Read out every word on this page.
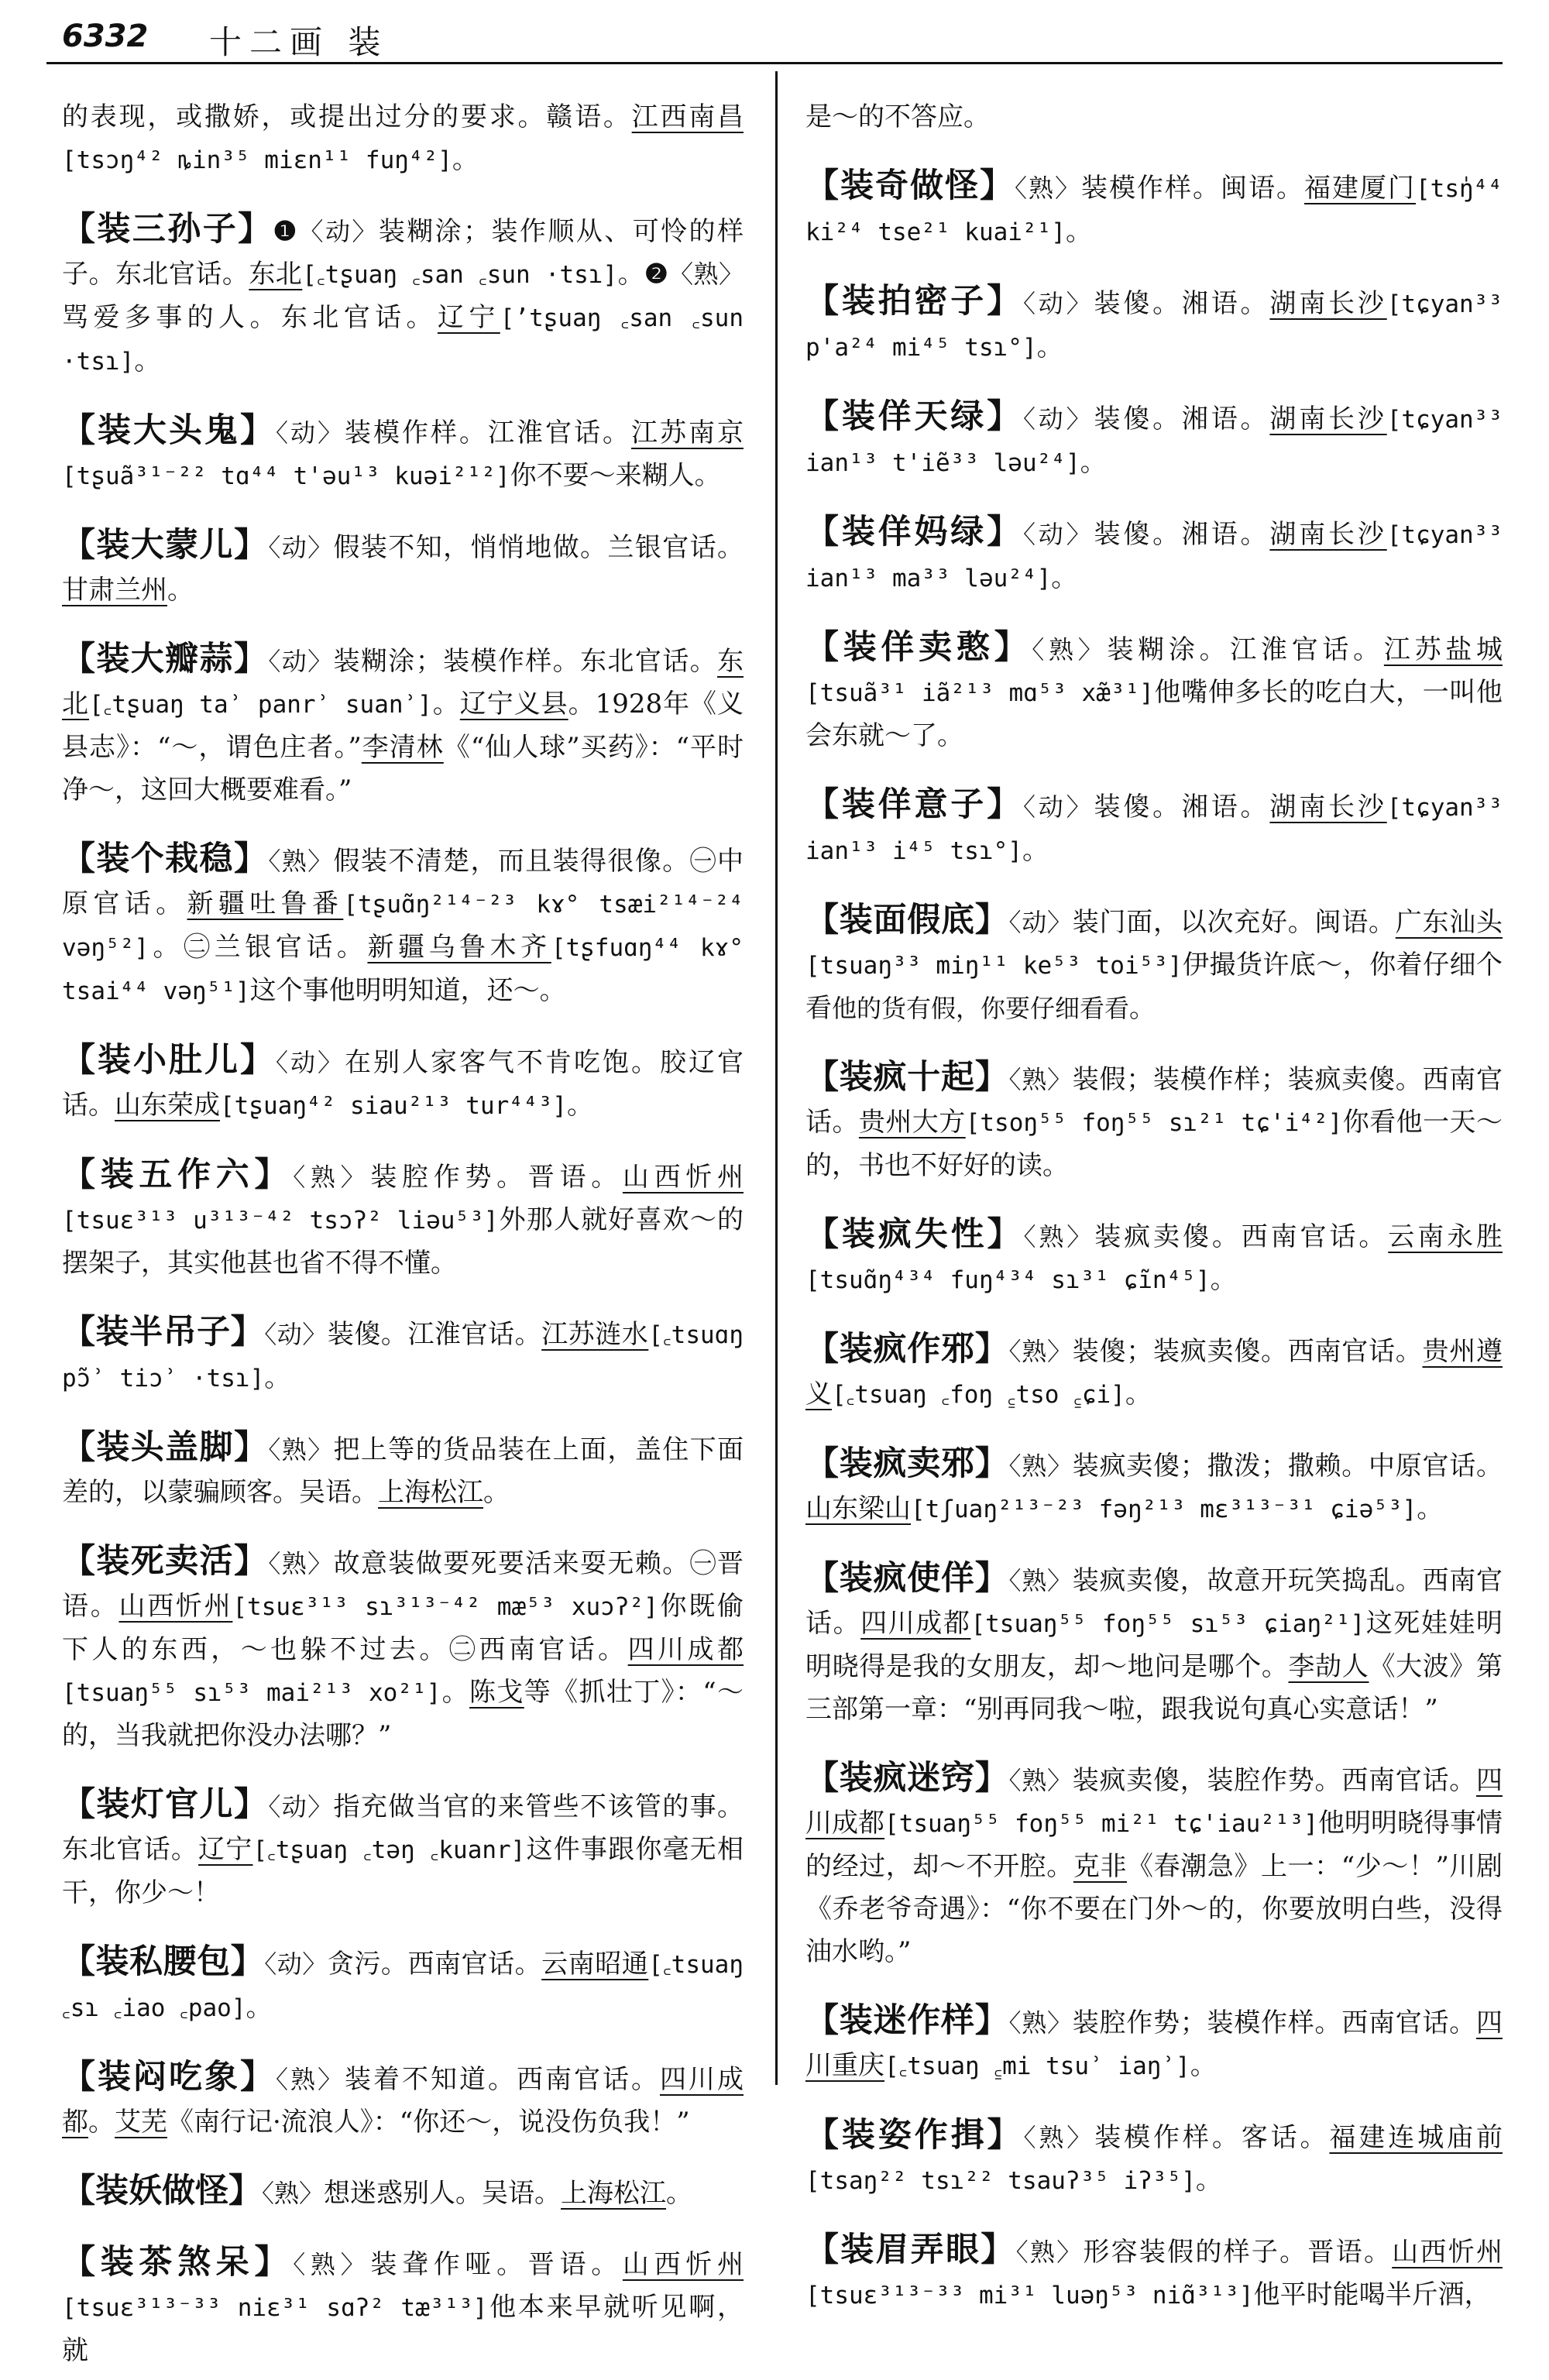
6332 十二画 装

的表现，或撒娇，或提出过分的要求。赣语。江西南昌[tsɔŋ⁴² ȵin³⁵ miɛn¹¹ fuŋ⁴²]。

【装三孙子】❶〈动〉装糊涂；装作顺从、可怜的样子。东北官话。东北[꜀tʂuaŋ ꜀san ꜀sun ·tsɿ]。❷〈熟〉骂爱多事的人。东北官话。辽宁[ʼtʂuaŋ ꜀san ꜀sun ·tsɿ]。

【装大头鬼】〈动〉装模作样。江淮官话。江苏南京[tʂuã³¹⁻²² tɑ⁴⁴ t'əu¹³ kuəi²¹²]你不要～来糊人。

【装大蒙儿】〈动〉假装不知，悄悄地做。兰银官话。甘肃兰州。

【装大瓣蒜】〈动〉装糊涂；装模作样。东北官话。东北[꜀tʂuaŋ taʾ panrʾ suanʾ]。辽宁义县。1928年《义县志》：“～，谓色庄者。”李清林《“仙人球”买药》：“平时净～，这回大概要难看。”

【装个栽稳】〈熟〉假装不清楚，而且装得很像。㊀中原官话。新疆吐鲁番[tʂuɑ̃ŋ²¹⁴⁻²³ kɤ° tsæi²¹⁴⁻²⁴ vəŋ⁵²]。㊁兰银官话。新疆乌鲁木齐[tʂfuɑŋ⁴⁴ kɤ° tsai⁴⁴ vəŋ⁵¹]这个事他明明知道，还～。

【装小肚儿】〈动〉在别人家客气不肯吃饱。胶辽官话。山东荣成[tʂuaŋ⁴² siau²¹³ tur⁴⁴³]。

【装五作六】〈熟〉装腔作势。晋语。山西忻州[tsuɛ³¹³ u³¹³⁻⁴² tsɔʔ² liəu⁵³]外那人就好喜欢～的摆架子，其实他甚也省不得不懂。

【装半吊子】〈动〉装傻。江淮官话。江苏涟水[꜀tsuɑŋ pɔ̃ʾ tiɔʾ ·tsɿ]。

【装头盖脚】〈熟〉把上等的货品装在上面，盖住下面差的，以蒙骗顾客。吴语。上海松江。

【装死卖活】〈熟〉故意装做要死要活来耍无赖。㊀晋语。山西忻州[tsuɛ³¹³ sɿ³¹³⁻⁴² mæ⁵³ xuɔʔ²]你既偷下人的东西，～也躲不过去。㊁西南官话。四川成都[tsuaŋ⁵⁵ sɿ⁵³ mai²¹³ xo²¹]。陈戈等《抓壮丁》：“～的，当我就把你没办法哪？”

【装灯官儿】〈动〉指充做当官的来管些不该管的事。东北官话。辽宁[꜀tʂuaŋ ꜀təŋ ꜀kuanr]这件事跟你毫无相干，你少～！

【装私腰包】〈动〉贪污。西南官话。云南昭通[꜀tsuaŋ ꜀sɿ ꜀iao ꜀pao]。

【装闷吃象】〈熟〉装着不知道。西南官话。四川成都。艾芜《南行记·流浪人》：“你还～，说没伤负我！”

【装妖做怪】〈熟〉想迷惑别人。吴语。上海松江。

【装茶煞呆】〈熟〉装聋作哑。晋语。山西忻州[tsuɛ³¹³⁻³³ niɛ³¹ sɑʔ² tæ³¹³]他本来早就听见啊，就

是～的不答应。

【装奇做怪】〈熟〉装模作样。闽语。福建厦门[tsŋ̍⁴⁴ ki²⁴ tse²¹ kuai²¹]。

【装拍密子】〈动〉装傻。湘语。湖南长沙[tɕyan³³ p'a²⁴ mi⁴⁵ tsɿ°]。

【装佯天绿】〈动〉装傻。湘语。湖南长沙[tɕyan³³ ian¹³ t'iẽ³³ ləu²⁴]。

【装佯妈绿】〈动〉装傻。湘语。湖南长沙[tɕyan³³ ian¹³ ma³³ ləu²⁴]。

【装佯卖憨】〈熟〉装糊涂。江淮官话。江苏盐城[tsuã³¹ iã²¹³ mɑ⁵³ xæ̃³¹]他嘴伸多长的吃白大，一叫他会东就～了。

【装佯意子】〈动〉装傻。湘语。湖南长沙[tɕyan³³ ian¹³ i⁴⁵ tsɿ°]。

【装面假底】〈动〉装门面，以次充好。闽语。广东汕头[tsuaŋ³³ miŋ¹¹ ke⁵³ toi⁵³]伊撮货许底～，你着仔细个看他的货有假，你要仔细看看。

【装疯十起】〈熟〉装假；装模作样；装疯卖傻。西南官话。贵州大方[tsoŋ⁵⁵ foŋ⁵⁵ sɿ²¹ tɕ'i⁴²]你看他一天～的，书也不好好的读。

【装疯失性】〈熟〉装疯卖傻。西南官话。云南永胜[tsuɑ̃ŋ⁴³⁴ fuŋ⁴³⁴ sɿ³¹ ɕĩn⁴⁵]。

【装疯作邪】〈熟〉装傻；装疯卖傻。西南官话。贵州遵义[꜀tsuaŋ ꜀foŋ ꜁tso ꜁ɕi]。

【装疯卖邪】〈熟〉装疯卖傻；撒泼；撒赖。中原官话。山东梁山[tʃuaŋ²¹³⁻²³ fəŋ²¹³ mɛ³¹³⁻³¹ ɕiə⁵³]。

【装疯使佯】〈熟〉装疯卖傻，故意开玩笑捣乱。西南官话。四川成都[tsuaŋ⁵⁵ foŋ⁵⁵ sɿ⁵³ ɕiaŋ²¹]这死娃娃明明晓得是我的女朋友，却～地问是哪个。李劼人《大波》第三部第一章：“别再同我～啦，跟我说句真心实意话！”

【装疯迷窍】〈熟〉装疯卖傻，装腔作势。西南官话。四川成都[tsuaŋ⁵⁵ foŋ⁵⁵ mi²¹ tɕ'iau²¹³]他明明晓得事情的经过，却～不开腔。克非《春潮急》上一：“少～！”川剧《乔老爷奇遇》：“你不要在门外～的，你要放明白些，没得油水哟。”

【装迷作样】〈熟〉装腔作势；装模作样。西南官话。四川重庆[꜀tsuaŋ ꜁mi tsuʾ iaŋʾ]。

【装姿作揖】〈熟〉装模作样。客话。福建连城庙前[tsaŋ²² tsɿ²² tsauʔ³⁵ iʔ³⁵]。

【装眉弄眼】〈熟〉形容装假的样子。晋语。山西忻州[tsuɛ³¹³⁻³³ mi³¹ luəŋ⁵³ niɑ̃³¹³]他平时能喝半斤酒，
